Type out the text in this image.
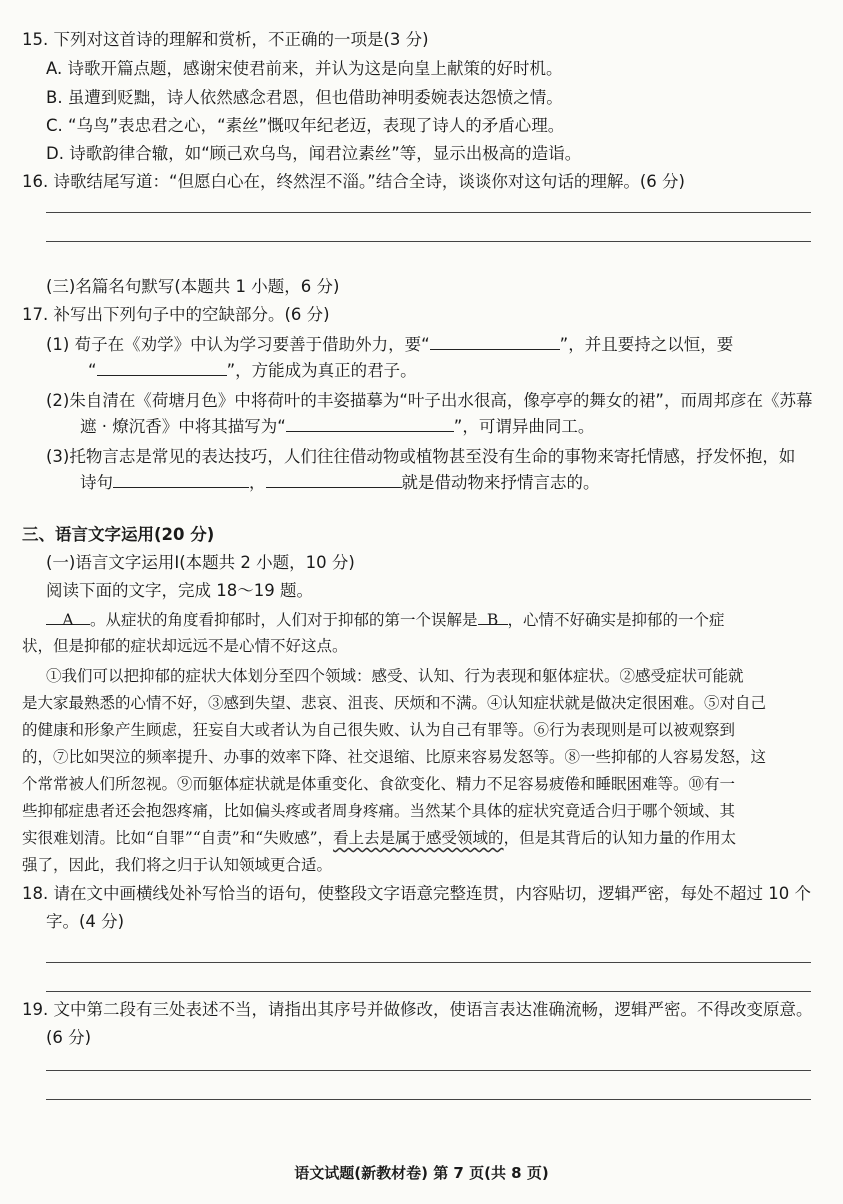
15. 下列对这首诗的理解和赏析，不正确的一项是(3 分)
A. 诗歌开篇点题，感谢宋使君前来，并认为这是向皇上献策的好时机。
B. 虽遭到贬黜，诗人依然感念君恩，但也借助神明委婉表达怨愤之情。
C. “乌鸟”表忠君之心，“素丝”慨叹年纪老迈，表现了诗人的矛盾心理。
D. 诗歌韵律合辙，如“顾己欢乌鸟，闻君泣素丝”等，显示出极高的造诣。
16. 诗歌结尾写道：“但愿白心在，终然涅不淄。”结合全诗，谈谈你对这句话的理解。(6 分)
(三)名篇名句默写(本题共 1 小题，6 分)
17. 补写出下列句子中的空缺部分。(6 分)
(1) 荀子在《劝学》中认为学习要善于借助外力，要“	”，并且要持之以恒，要
“	”，方能成为真正的君子。
(2)朱自清在《荷塘月色》中将荷叶的丰姿描摹为“叶子出水很高，像亭亭的舞女的裙”，而周邦彦在《苏幕
遮 · 燎沉香》中将其描写为“	”，可谓异曲同工。
(3)托物言志是常见的表达技巧，人们往往借动物或植物甚至没有生命的事物来寄托情感，抒发怀抱，如
诗句	，	就是借动物来抒情言志的。
三、语言文字运用(20 分)
(一)语言文字运用Ⅰ(本题共 2 小题，10 分)
阅读下面的文字，完成 18～19 题。
A 。从症状的角度看抑郁时，人们对于抑郁的第一个误解是 B ，心情不好确实是抑郁的一个症
状，但是抑郁的症状却远远不是心情不好这点。
①我们可以把抑郁的症状大体划分至四个领域：感受、认知、行为表现和躯体症状。②感受症状可能就
是大家最熟悉的心情不好，③感到失望、悲哀、沮丧、厌烦和不满。④认知症状就是做决定很困难。⑤对自己
的健康和形象产生顾虑，狂妄自大或者认为自己很失败、认为自己有罪等。⑥行为表现则是可以被观察到
的，⑦比如哭泣的频率提升、办事的效率下降、社交退缩、比原来容易发怒等。⑧一些抑郁的人容易发怒，这
个常常被人们所忽视。⑨而躯体症状就是体重变化、食欲变化、精力不足容易疲倦和睡眠困难等。⑩有一
些抑郁症患者还会抱怨疼痛，比如偏头疼或者周身疼痛。当然某个具体的症状究竟适合归于哪个领域、其
实很难划清。比如“自罪”“自责”和“失败感”，看上去是属于感受领域的，但是其背后的认知力量的作用太
强了，因此，我们将之归于认知领域更合适。
18. 请在文中画横线处补写恰当的语句，使整段文字语意完整连贯，内容贴切，逻辑严密，每处不超过 10 个
字。(4 分)
19. 文中第二段有三处表述不当，请指出其序号并做修改，使语言表达准确流畅，逻辑严密。不得改变原意。
(6 分)
语文试题(新教材卷) 第 7 页(共 8 页)
